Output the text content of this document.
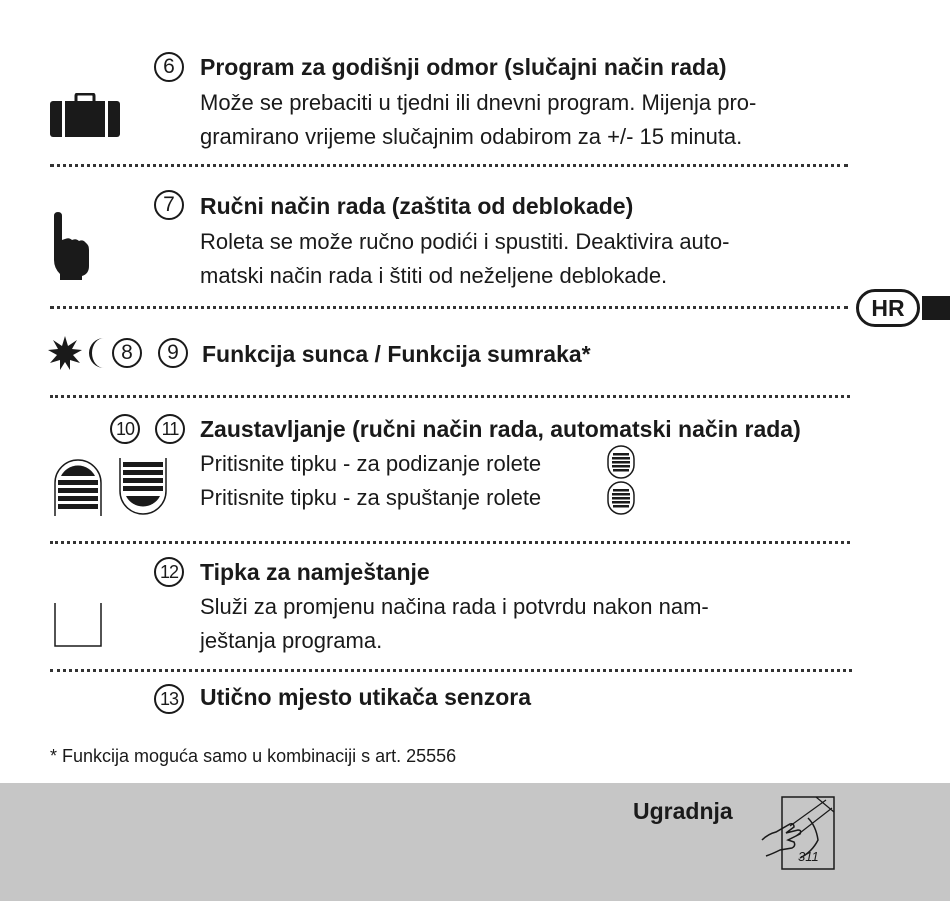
6	Program za godišnji odmor (slučajni način rada)
Može se prebaciti u tjedni ili dnevni program. Mijenja pro-
gramirano vrijeme slučajnim odabirom za +/- 15 minuta.
7	Ručni način rada (zaštita od deblokade)
Roleta se može ručno podići i spustiti. Deaktivira auto-
matski način rada i štiti od neželjene deblokade.
HR
8	9	Funkcija sunca / Funkcija sumraka*
10	11 Zaustavljanje (ručni način rada, automatski način rada)
Pritisnite tipku - za podizanje rolete
Pritisnite tipku - za spuštanje rolete
12 Tipka za namještanje
Služi za promjenu načina rada i potvrdu nakon nam-
ještanja programa.
13 Utično mjesto utikača senzora
* Funkcija moguća samo u kombinaciji s art. 25556
Ugradnja
311
